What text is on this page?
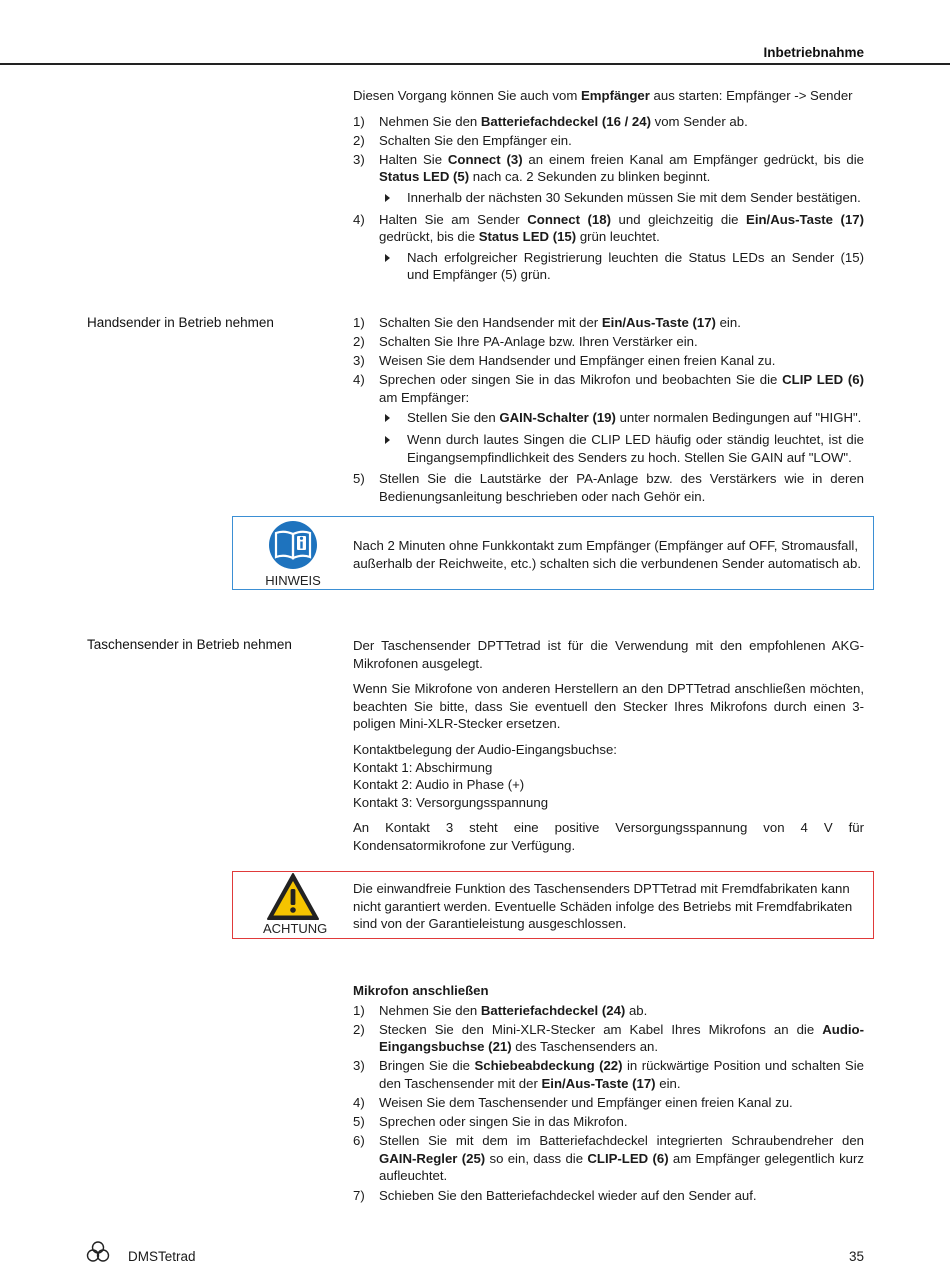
Inbetriebnahme

Diesen Vorgang können Sie auch vom Empfänger aus starten: Empfänger -> Sender

1) Nehmen Sie den Batteriefachdeckel (16 / 24) vom Sender ab.
2) Schalten Sie den Empfänger ein.
3) Halten Sie Connect (3) an einem freien Kanal am Empfänger gedrückt, bis die Status LED (5) nach ca. 2 Sekunden zu blinken beginnt.
Innerhalb der nächsten 30 Sekunden müssen Sie mit dem Sender bestätigen.
4) Halten Sie am Sender Connect (18) und gleichzeitig die Ein/Aus-Taste (17) gedrückt, bis die Status LED (15) grün leuchtet.
Nach erfolgreicher Registrierung leuchten die Status LEDs an Sender (15) und Empfänger (5) grün.
Handsender in Betrieb nehmen	1) Schalten Sie den Handsender mit der Ein/Aus-Taste (17) ein.
2) Schalten Sie Ihre PA-Anlage bzw. Ihren Verstärker ein.
3) Weisen Sie dem Handsender und Empfänger einen freien Kanal zu.
4) Sprechen oder singen Sie in das Mikrofon und beobachten Sie die CLIP LED (6) am Empfänger:
Stellen Sie den GAIN-Schalter (19) unter normalen Bedingungen auf "HIGH".
Wenn durch lautes Singen die CLIP LED häufig oder ständig leuchtet, ist die Eingangsempfindlichkeit des Senders zu hoch. Stellen Sie GAIN auf "LOW".
5) Stellen Sie die Lautstärke der PA-Anlage bzw. des Verstärkers wie in deren Bedienungsanleitung beschrieben oder nach Gehör ein.
HINWEIS
Nach 2 Minuten ohne Funkkontakt zum Empfänger (Empfänger auf OFF, Stromausfall, außerhalb der Reichweite, etc.) schalten sich die verbundenen Sender automatisch ab.
Taschensender in Betrieb nehmen	Der Taschensender DPTTetrad ist für die Verwendung mit den empfohlenen AKG-Mikrofonen ausgelegt.

Wenn Sie Mikrofone von anderen Herstellern an den DPTTetrad anschließen möchten, beachten Sie bitte, dass Sie eventuell den Stecker Ihres Mikrofons durch einen 3-poligen Mini-XLR-Stecker ersetzen.

Kontaktbelegung der Audio-Eingangsbuchse:

Kontakt 1: Abschirmung

Kontakt 2: Audio in Phase (+)

Kontakt 3: Versorgungsspannung

An Kontakt 3 steht eine positive Versorgungsspannung von 4 V für Kondensatormikrofone zur Verfügung.

ACHTUNG
Die einwandfreie Funktion des Taschensenders DPTTetrad mit Fremdfabrikaten kann nicht garantiert werden. Eventuelle Schäden infolge des Betriebs mit Fremdfabrikaten sind von der Garantieleistung ausgeschlossen.

Mikrofon anschließen

1) Nehmen Sie den Batteriefachdeckel (24) ab.
2) Stecken Sie den Mini-XLR-Stecker am Kabel Ihres Mikrofons an die Audio-Eingangsbuchse (21) des Taschensenders an.
3) Bringen Sie die Schiebeabdeckung (22) in rückwärtige Position und schalten Sie den Taschensender mit der Ein/Aus-Taste (17) ein.
4) Weisen Sie dem Taschensender und Empfänger einen freien Kanal zu.
5) Sprechen oder singen Sie in das Mikrofon.
6) Stellen Sie mit dem im Batteriefachdeckel integrierten Schraubendreher den GAIN-Regler (25) so ein, dass die CLIP-LED (6) am Empfänger gelegentlich kurz aufleuchtet.
7) Schieben Sie den Batteriefachdeckel wieder auf den Sender auf.
DMSTetrad	35
